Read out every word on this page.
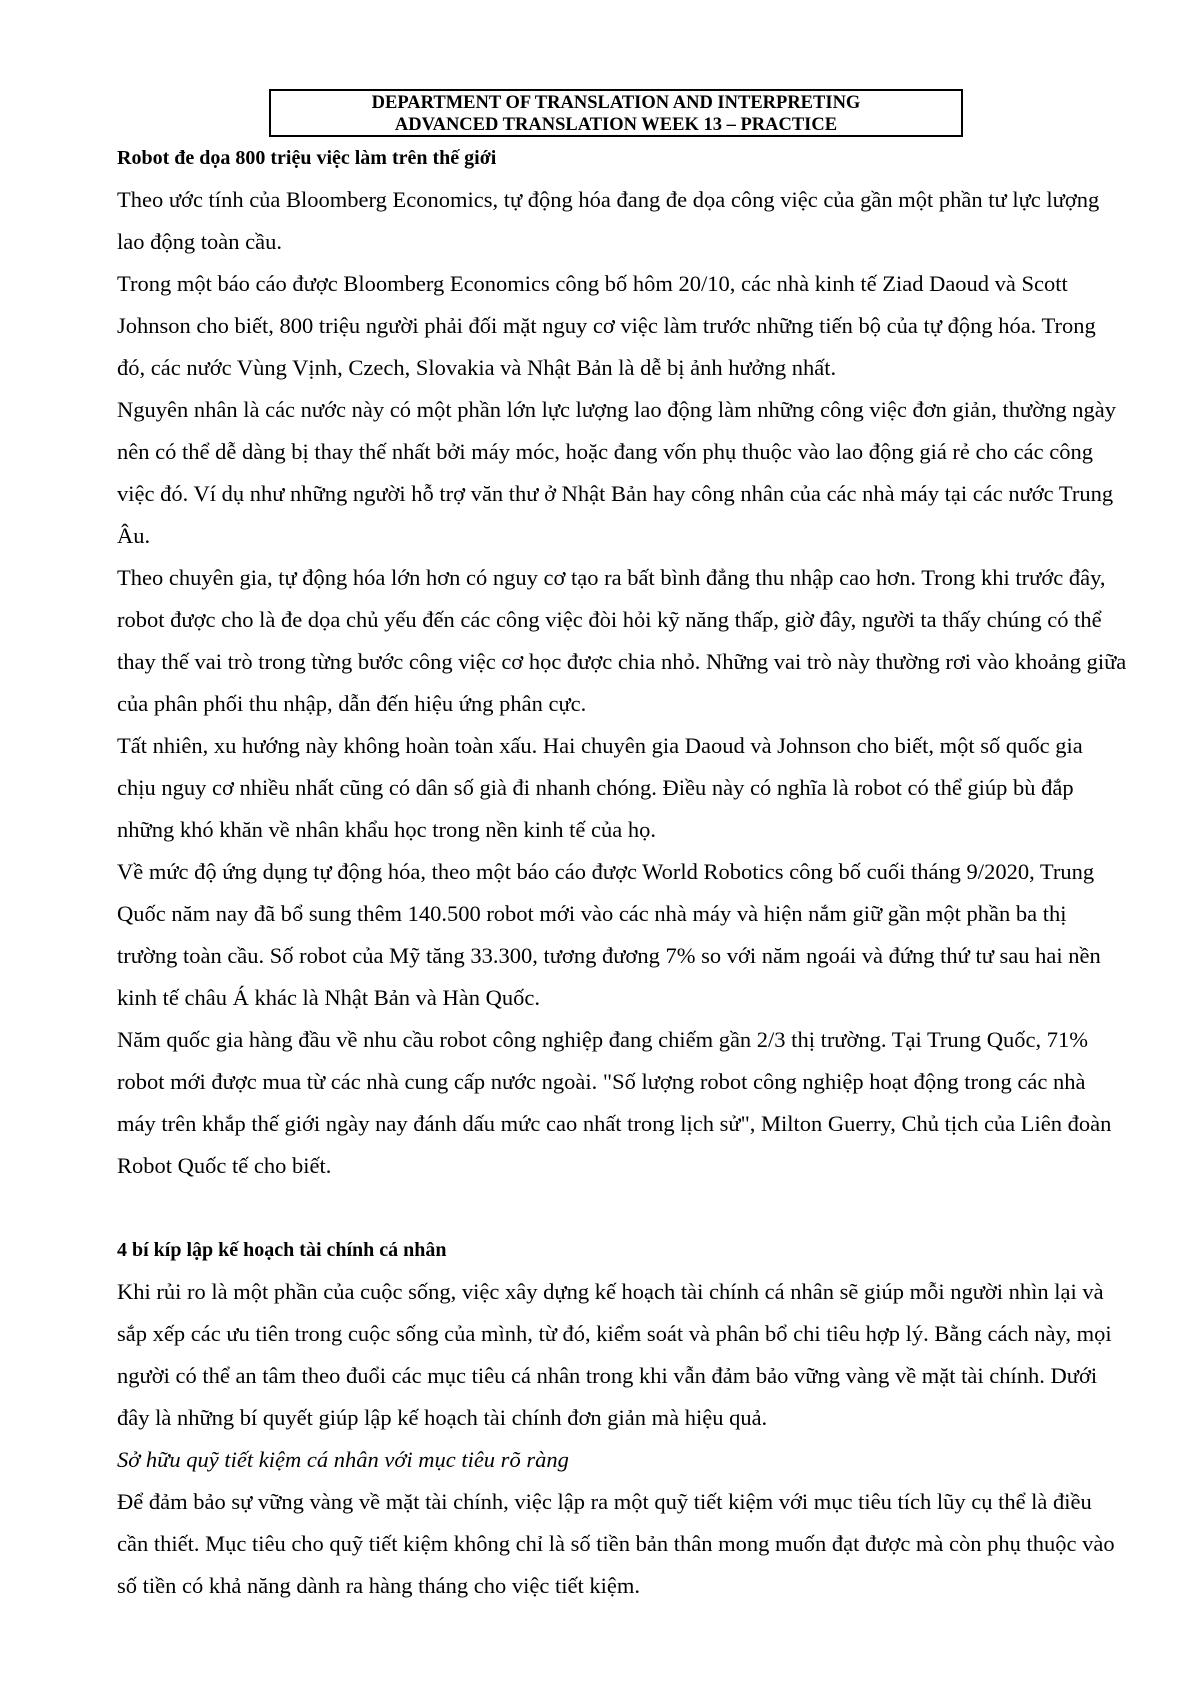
DEPARTMENT OF TRANSLATION AND INTERPRETING
ADVANCED TRANSLATION WEEK 13 – PRACTICE

Robot đe dọa 800 triệu việc làm trên thế giới

Theo ước tính của Bloomberg Economics, tự động hóa đang đe dọa công việc của gần một phần tư lực lượng lao động toàn cầu.

Trong một báo cáo được Bloomberg Economics công bố hôm 20/10, các nhà kinh tế Ziad Daoud và Scott Johnson cho biết, 800 triệu người phải đối mặt nguy cơ việc làm trước những tiến bộ của tự động hóa. Trong đó, các nước Vùng Vịnh, Czech, Slovakia và Nhật Bản là dễ bị ảnh hưởng nhất.

Nguyên nhân là các nước này có một phần lớn lực lượng lao động làm những công việc đơn giản, thường ngày nên có thể dễ dàng bị thay thế nhất bởi máy móc, hoặc đang vốn phụ thuộc vào lao động giá rẻ cho các công việc đó. Ví dụ như những người hỗ trợ văn thư ở Nhật Bản hay công nhân của các nhà máy tại các nước Trung Âu.

Theo chuyên gia, tự động hóa lớn hơn có nguy cơ tạo ra bất bình đẳng thu nhập cao hơn. Trong khi trước đây, robot được cho là đe dọa chủ yếu đến các công việc đòi hỏi kỹ năng thấp, giờ đây, người ta thấy chúng có thể thay thế vai trò trong từng bước công việc cơ học được chia nhỏ. Những vai trò này thường rơi vào khoảng giữa của phân phối thu nhập, dẫn đến hiệu ứng phân cực.

Tất nhiên, xu hướng này không hoàn toàn xấu. Hai chuyên gia Daoud và Johnson cho biết, một số quốc gia chịu nguy cơ nhiều nhất cũng có dân số già đi nhanh chóng. Điều này có nghĩa là robot có thể giúp bù đắp những khó khăn về nhân khẩu học trong nền kinh tế của họ.

Về mức độ ứng dụng tự động hóa, theo một báo cáo được World Robotics công bố cuối tháng 9/2020, Trung Quốc năm nay đã bổ sung thêm 140.500 robot mới vào các nhà máy và hiện nắm giữ gần một phần ba thị trường toàn cầu. Số robot của Mỹ tăng 33.300, tương đương 7% so với năm ngoái và đứng thứ tư sau hai nền kinh tế châu Á khác là Nhật Bản và Hàn Quốc.

Năm quốc gia hàng đầu về nhu cầu robot công nghiệp đang chiếm gần 2/3 thị trường. Tại Trung Quốc, 71% robot mới được mua từ các nhà cung cấp nước ngoài. "Số lượng robot công nghiệp hoạt động trong các nhà máy trên khắp thế giới ngày nay đánh dấu mức cao nhất trong lịch sử", Milton Guerry, Chủ tịch của Liên đoàn Robot Quốc tế cho biết.

4 bí kíp lập kế hoạch tài chính cá nhân

Khi rủi ro là một phần của cuộc sống, việc xây dựng kế hoạch tài chính cá nhân sẽ giúp mỗi người nhìn lại và sắp xếp các ưu tiên trong cuộc sống của mình, từ đó, kiểm soát và phân bổ chi tiêu hợp lý. Bằng cách này, mọi người có thể an tâm theo đuổi các mục tiêu cá nhân trong khi vẫn đảm bảo vững vàng về mặt tài chính. Dưới đây là những bí quyết giúp lập kế hoạch tài chính đơn giản mà hiệu quả.

Sở hữu quỹ tiết kiệm cá nhân với mục tiêu rõ ràng

Để đảm bảo sự vững vàng về mặt tài chính, việc lập ra một quỹ tiết kiệm với mục tiêu tích lũy cụ thể là điều cần thiết. Mục tiêu cho quỹ tiết kiệm không chỉ là số tiền bản thân mong muốn đạt được mà còn phụ thuộc vào số tiền có khả năng dành ra hàng tháng cho việc tiết kiệm.
